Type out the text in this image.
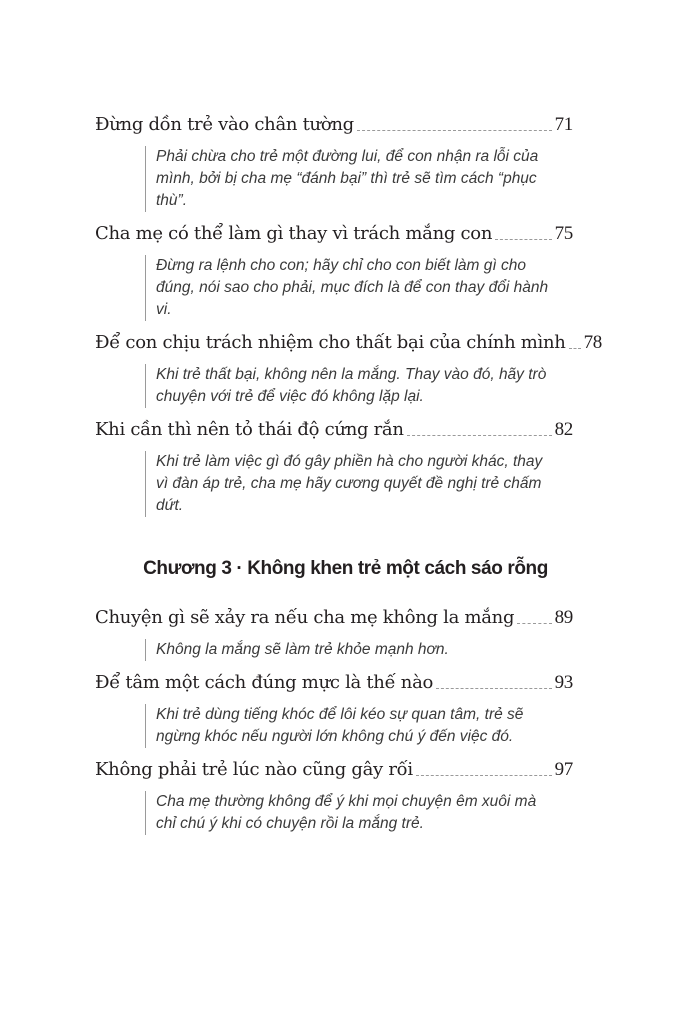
Đừng dồn trẻ vào chân tường	71
Phải chừa cho trẻ một đường lui, để con nhận ra lỗi của mình, bởi bị cha mẹ “đánh bại” thì trẻ sẽ tìm cách “phục thù”.
Cha mẹ có thể làm gì thay vì trách mắng con	75
Đừng ra lệnh cho con; hãy chỉ cho con biết làm gì cho đúng, nói sao cho phải, mục đích là để con thay đổi hành vi.
Để con chịu trách nhiệm cho thất bại của chính mình 78
Khi trẻ thất bại, không nên la mắng. Thay vào đó, hãy trò chuyện với trẻ để việc đó không lặp lại.
Khi cần thì nên tỏ thái độ cứng rắn	82
Khi trẻ làm việc gì đó gây phiền hà cho người khác, thay vì đàn áp trẻ, cha mẹ hãy cương quyết đề nghị trẻ chấm dứt.
Chương 3 · Không khen trẻ một cách sáo rỗng
Chuyện gì sẽ xảy ra nếu cha mẹ không la mắng 89
Không la mắng sẽ làm trẻ khỏe mạnh hơn.
Để tâm một cách đúng mực là thế nào	93
Khi trẻ dùng tiếng khóc để lôi kéo sự quan tâm, trẻ sẽ ngừng khóc nếu người lớn không chú ý đến việc đó.
Không phải trẻ lúc nào cũng gây rối	97
Cha mẹ thường không để ý khi mọi chuyện êm xuôi mà chỉ chú ý khi có chuyện rồi la mắng trẻ.
